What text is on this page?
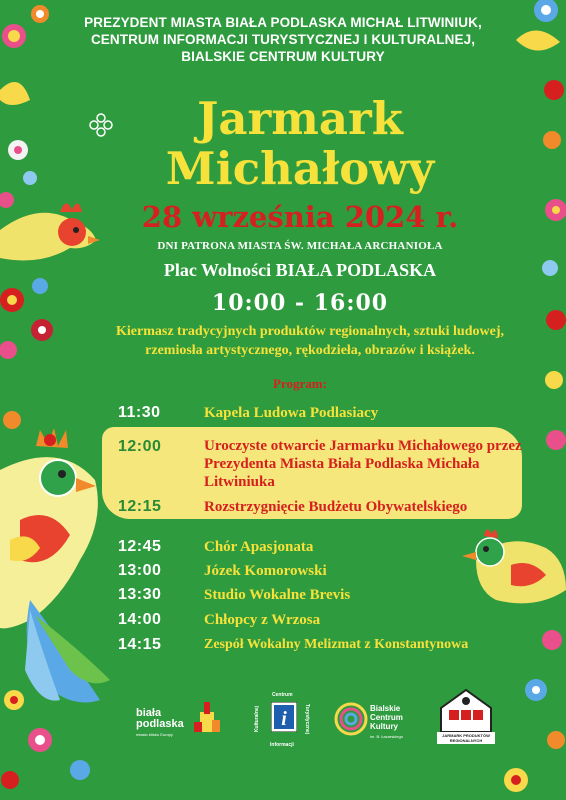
PREZYDENT MIASTA BIAŁA PODLASKA MICHAŁ LITWINIUK,
CENTRUM INFORMACJI TURYSTYCZNEJ I KULTURALNEJ,
BIALSKIE CENTRUM KULTURY
Jarmark
Michałowy
28 września 2024 r.
DNI PATRONA MIASTA ŚW. MICHAŁA ARCHANIOŁA
Plac Wolności BIAŁA PODLASKA
10:00 - 16:00
Kiermasz tradycyjnych produktów regionalnych, sztuki ludowej,
rzemiosła artystycznego, rękodzieła, obrazów i książek.
Program:
11:30	Kapela Ludowa Podlasiacy
12:00	Uroczyste otwarcie Jarmarku Michałowego przez Prezydenta Miasta Biała Podlaska Michała Litwiniuka
12:15	Rozstrzygnięcie Budżetu Obywatelskiego
12:45	Chór Apasjonata
13:00	Józek Komorowski
13:30	Studio Wokalne Brevis
14:00	Chłopcy z Wrzosa
14:15	Zespół Wokalny Melizmat z Konstantynowa
biała podlaska
miasto blisko Europy
Centrum
Informacji
Kulturalnej	Turystycznej
i	Bialskie
Centrum
Kultury
im. B. Łazarskiego	JARMARK PRODUKTÓW REGIONALNYCH
